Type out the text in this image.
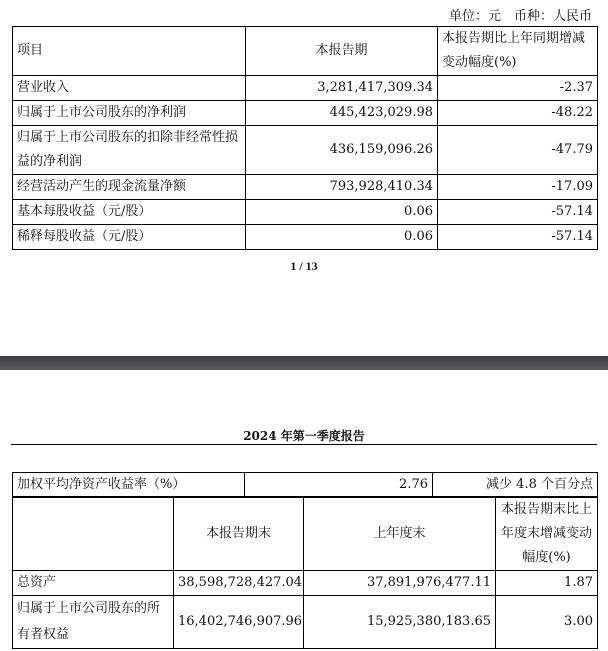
单位：元　币种：人民币
项目	本报告期	本报告期比上年同期增减变动幅度(%)
营业收入	3,281,417,309.34	-2.37
归属于上市公司股东的净利润	445,423,029.98	-48.22
归属于上市公司股东的扣除非经常性损益的净利润	436,159,096.26	-47.79
经营活动产生的现金流量净额	793,928,410.34	-17.09
基本每股收益（元/股）	0.06	-57.14
稀释每股收益（元/股）	0.06	-57.14
1 / 13
2024 年第一季度报告
加权平均净资产收益率（%）	2.76	减少 4.8 个百分点
	本报告期末	上年度末	本报告期末比上年度末增减变动幅度(%)
总资产	38,598,728,427.04	37,891,976,477.11	1.87
归属于上市公司股东的所有者权益	16,402,746,907.96	15,925,380,183.65	3.00
